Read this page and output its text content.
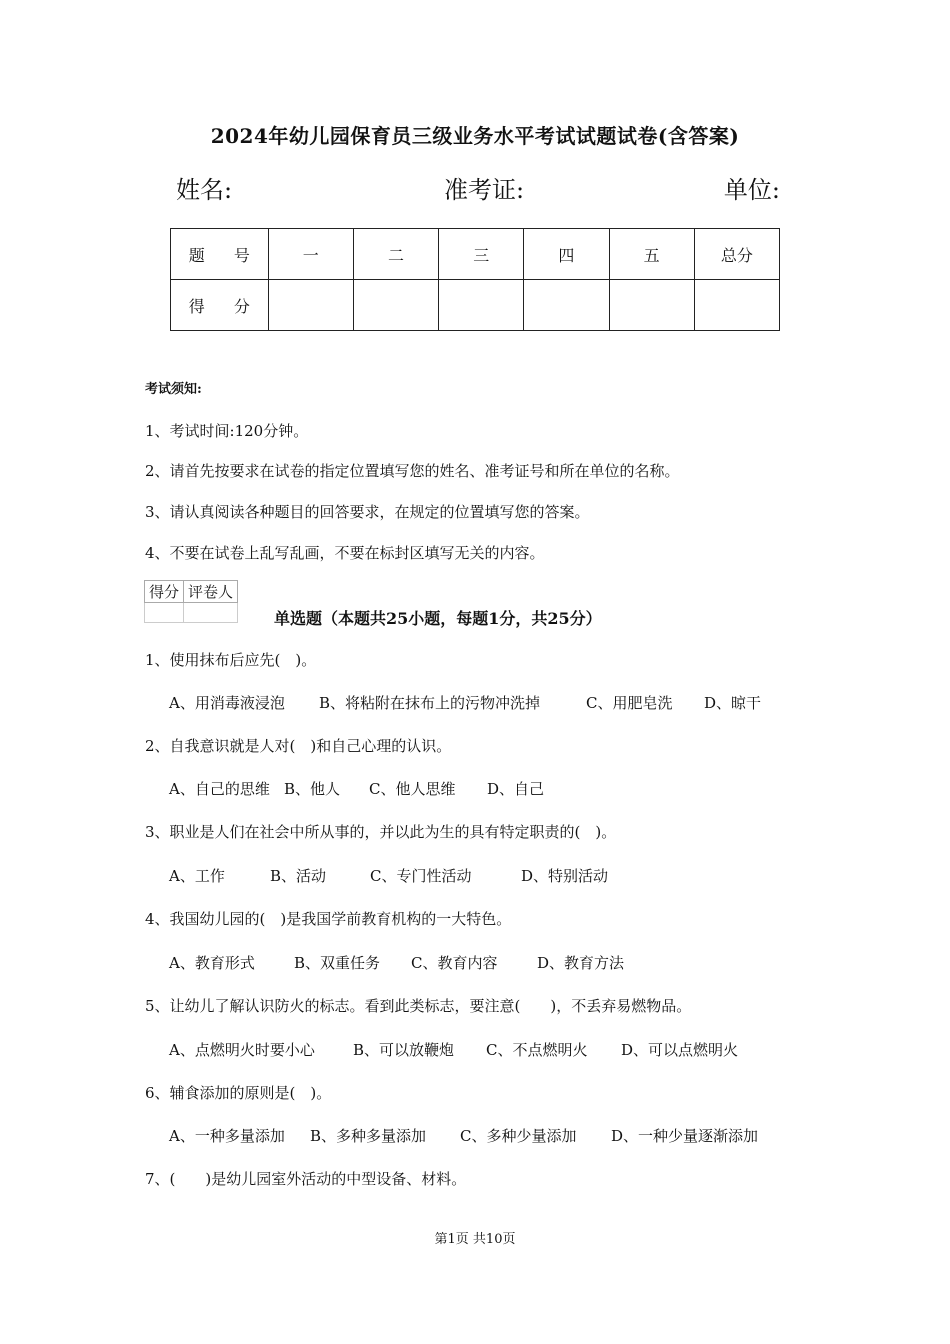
2024年幼儿园保育员三级业务水平考试试题试卷(含答案)
姓名:	准考证:	单位:
题 号	一	二	三	四	五	总分
得 分						
考试须知:
1、考试时间:120分钟。
2、请首先按要求在试卷的指定位置填写您的姓名、准考证号和所在单位的名称。
3、请认真阅读各种题目的回答要求，在规定的位置填写您的答案。
4、不要在试卷上乱写乱画，不要在标封区填写无关的内容。
得分	评卷人

单选题（本题共25小题，每题1分，共25分）
1、使用抹布后应先(　)。
A、用消毒液浸泡 B、将粘附在抹布上的污物冲洗掉	C、用肥皂洗 D、晾干
2、自我意识就是人对(　)和自己心理的认识。
A、自己的思维 B、他人 C、他人思维 D、自己
3、职业是人们在社会中所从事的，并以此为生的具有特定职责的(　)。
A、工作	B、活动	C、专门性活动	D、特别活动
4、我国幼儿园的(　)是我国学前教育机构的一大特色。
A、教育形式	B、双重任务 C、教育内容	D、教育方法
5、让幼儿了解认识防火的标志。看到此类标志，要注意(　　)，不丢弃易燃物品。
A、点燃明火时要小心	B、可以放鞭炮 C、不点燃明火 D、可以点燃明火
6、辅食添加的原则是(　)。
A、一种多量添加 B、多种多量添加 C、多种少量添加 D、一种少量逐渐添加
7、(　　)是幼儿园室外活动的中型设备、材料。
第1页 共10页
